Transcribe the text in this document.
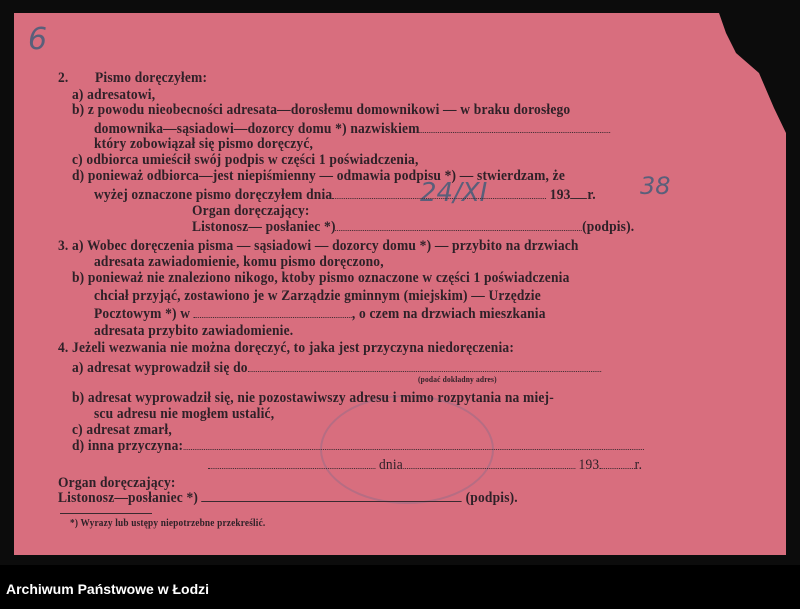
6
24/XI	38
2. Pismo doręczyłem:
a) adresatowi,
b) z powodu nieobecności adresata—dorosłemu domownikowi — w braku dorosłego
domownika—sąsiadowi—dozorcy domu *) nazwiskiem
który zobowiązał się pismo doręczyć,
c) odbiorca umieścił swój podpis w części 1 poświadczenia,
d) ponieważ odbiorca—jest niepiśmienny — odmawia podpisu *) — stwierdzam, że
wyżej oznaczone pismo doręczyłem dnia	193 r.
Organ doręczający:
Listonosz— posłaniec *)	(podpis).
3. a) Wobec doręczenia pisma — sąsiadowi — dozorcy domu *) — przybito na drzwiach
adresata zawiadomienie, komu pismo doręczono,
b) ponieważ nie znaleziono nikogo, ktoby pismo oznaczone w części 1 poświadczenia
chciał przyjąć, zostawiono je w Zarządzie gminnym (miejskim) — Urzędzie
Pocztowym *) w	, o czem na drzwiach mieszkania
adresata przybito zawiadomienie.
4. Jeżeli wezwania nie można doręczyć, to jaka jest przyczyna niedoręczenia:
a) adresat wyprowadził się do
(podać dokładny adres)
b) adresat wyprowadził się, nie pozostawiwszy adresu i mimo rozpytania na miej-
scu adresu nie mogłem ustalić,
c) adresat zmarł,
d) inna przyczyna:
dnia	193 r.
Organ doręczający:
Listonosz—posłaniec *)	(podpis).
*) Wyrazy lub ustępy niepotrzebne przekreślić.
Archiwum Państwowe w Łodzi
